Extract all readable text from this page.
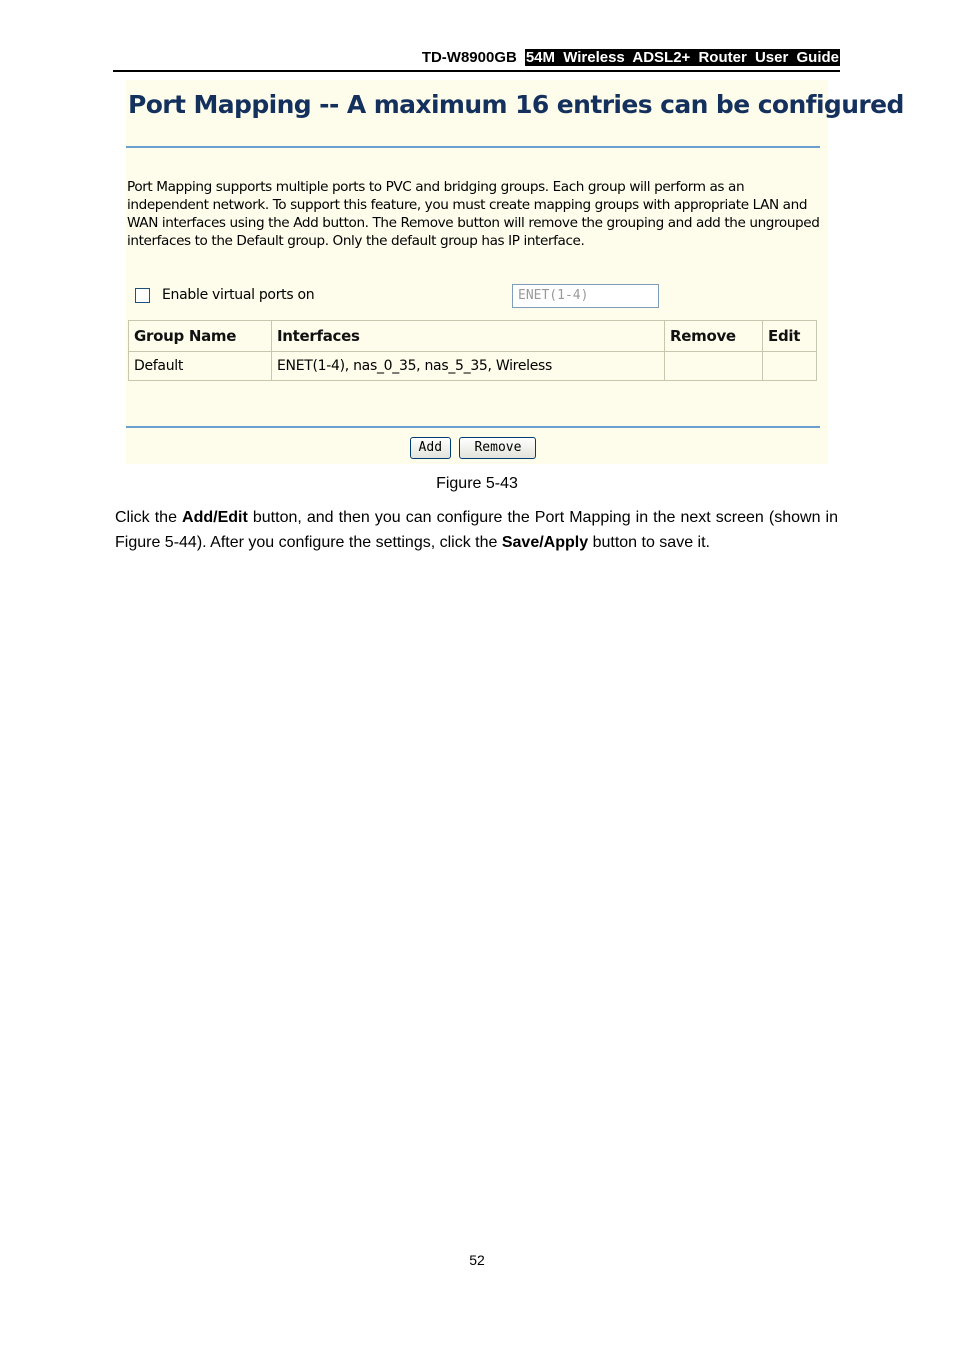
TD-W8900GB 54M Wireless ADSL2+ Router User Guide
Port Mapping -- A maximum 16 entries can be configured
Port Mapping supports multiple ports to PVC and bridging groups. Each group will perform as an independent network. To support this feature, you must create mapping groups with appropriate LAN and WAN interfaces using the Add button. The Remove button will remove the grouping and add the ungrouped interfaces to the Default group. Only the default group has IP interface.
Enable virtual ports on	ENET(1-4)
Group Name	Interfaces	Remove	Edit
Default	ENET(1-4), nas_0_35, nas_5_35, Wireless		
Add Remove
Figure 5-43
Click the Add/Edit button, and then you can configure the Port Mapping in the next screen (shown in Figure 5-44). After you configure the settings, click the Save/Apply button to save it.
52
